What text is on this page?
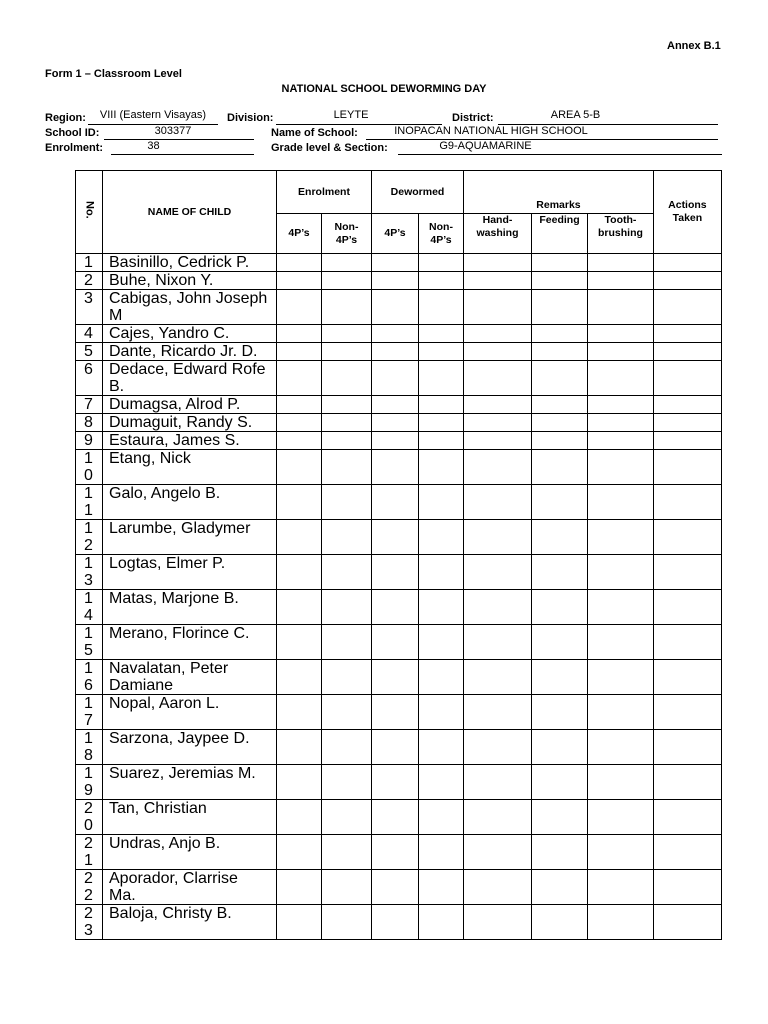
Annex B.1
Form 1 – Classroom Level
NATIONAL SCHOOL DEWORMING DAY
Region:	VIII (Eastern Visayas)	Division:	LEYTE	District:	AREA 5-B
School ID:	303377	Name of School:	INOPACAN NATIONAL HIGH SCHOOL
Enrolment:	38	Grade level & Section:	G9-AQUAMARINE
No.	NAME OF CHILD	Enrolment		Dewormed		Remarks			Actions Taken
		4P’s	Non-4P’s	4P’s	Non-4P’s	Hand-washing	Feeding	Tooth-brushing	
1	Basinillo, Cedrick P.								
2	Buhe, Nixon Y.								
3	Cabigas, John Joseph M								
4	Cajes, Yandro C.								
5	Dante, Ricardo Jr. D.								
6	Dedace, Edward Rofe B.								
7	Dumagsa, Alrod P.								
8	Dumaguit, Randy S.								
9	Estaura, James S.								
10	Etang, Nick								
11	Galo, Angelo B.								
12	Larumbe, Gladymer								
13	Logtas, Elmer P.								
14	Matas, Marjone B.								
15	Merano, Florince C.								
16	Navalatan, Peter Damiane								
17	Nopal, Aaron L.								
18	Sarzona, Jaypee D.								
19	Suarez, Jeremias M.								
20	Tan, Christian								
21	Undras, Anjo B.								
22	Aporador, Clarrise Ma.								
23	Baloja, Christy B.								
